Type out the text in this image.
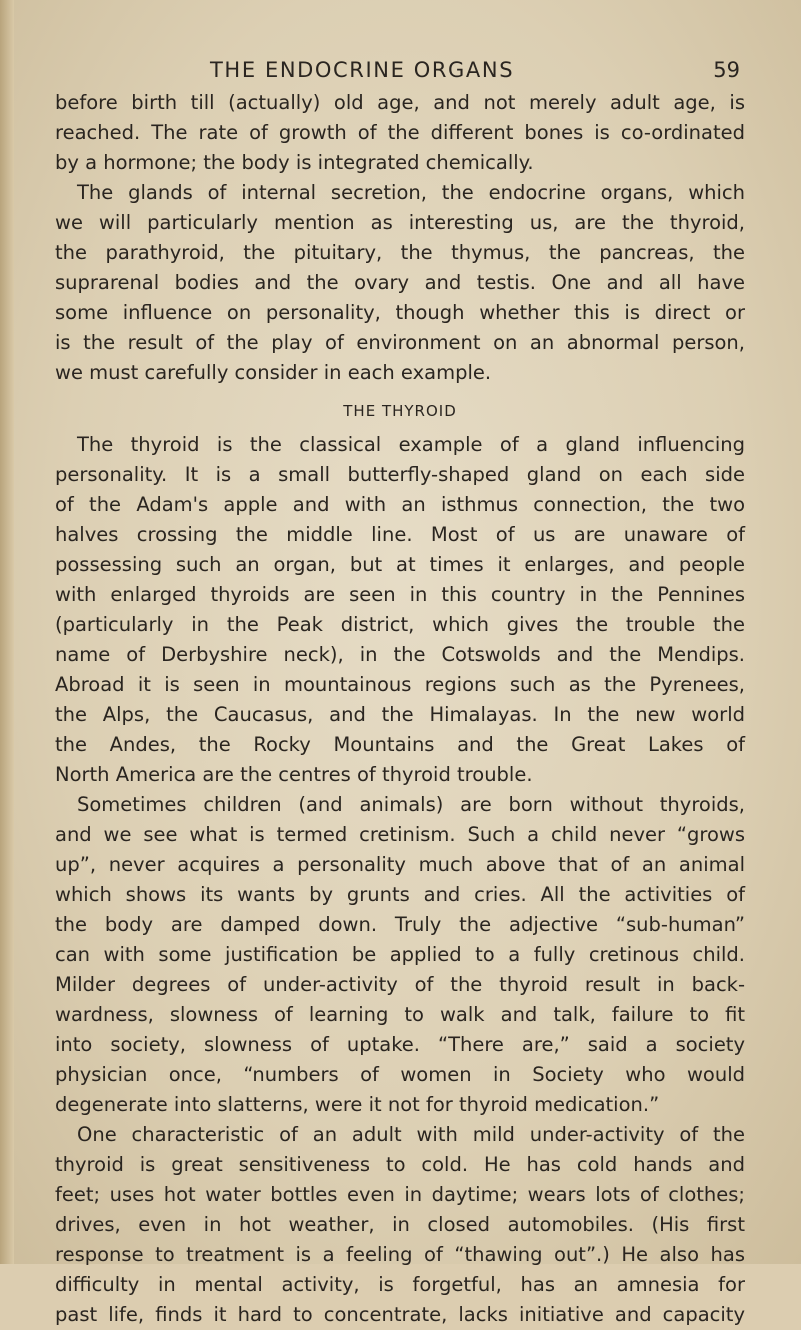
THE ENDOCRINE ORGANS	59
before birth till (actually) old age, and not merely adult age, is
reached. The rate of growth of the different bones is co-ordinated
by a hormone; the body is integrated chemically.
The glands of internal secretion, the endocrine organs, which
we will particularly mention as interesting us, are the thyroid,
the parathyroid, the pituitary, the thymus, the pancreas, the
suprarenal bodies and the ovary and testis. One and all have
some influence on personality, though whether this is direct or
is the result of the play of environment on an abnormal person,
we must carefully consider in each example.
THE THYROID
The thyroid is the classical example of a gland influencing
personality. It is a small butterfly-shaped gland on each side
of the Adam's apple and with an isthmus connection, the two
halves crossing the middle line. Most of us are unaware of
possessing such an organ, but at times it enlarges, and people
with enlarged thyroids are seen in this country in the Pennines
(particularly in the Peak district, which gives the trouble the
name of Derbyshire neck), in the Cotswolds and the Mendips.
Abroad it is seen in mountainous regions such as the Pyrenees,
the Alps, the Caucasus, and the Himalayas. In the new world
the Andes, the Rocky Mountains and the Great Lakes of
North America are the centres of thyroid trouble.
Sometimes children (and animals) are born without thyroids,
and we see what is termed cretinism. Such a child never “grows
up”, never acquires a personality much above that of an animal
which shows its wants by grunts and cries. All the activities of
the body are damped down. Truly the adjective “sub-human”
can with some justification be applied to a fully cretinous child.
Milder degrees of under-activity of the thyroid result in back-
wardness, slowness of learning to walk and talk, failure to fit
into society, slowness of uptake. “There are,” said a society
physician once, “numbers of women in Society who would
degenerate into slatterns, were it not for thyroid medication.”
One characteristic of an adult with mild under-activity of the
thyroid is great sensitiveness to cold. He has cold hands and
feet; uses hot water bottles even in daytime; wears lots of clothes;
drives, even in hot weather, in closed automobiles. (His first
response to treatment is a feeling of “thawing out”.) He also has
difficulty in mental activity, is forgetful, has an amnesia for
past life, finds it hard to concentrate, lacks initiative and capacity
